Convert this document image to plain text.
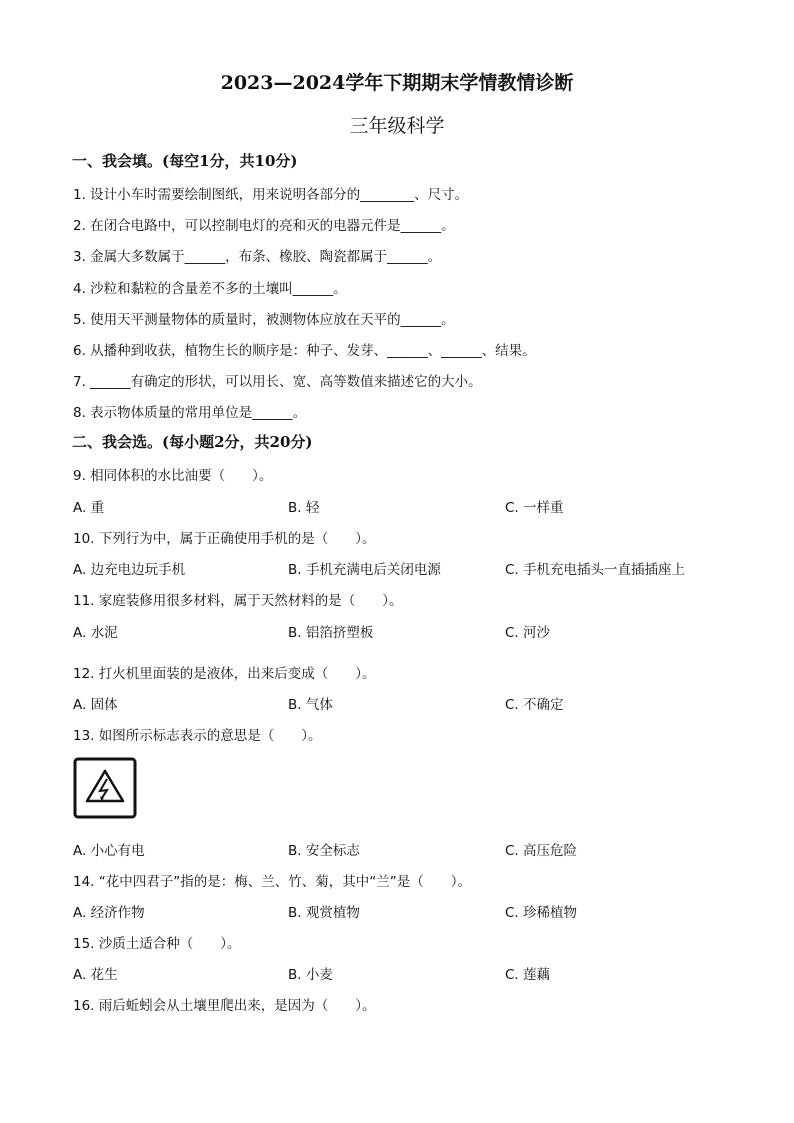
2023—2024学年下期期末学情教情诊断
三年级科学
一、我会填。(每空1分，共10分)
1. 设计小车时需要绘制图纸，用来说明各部分的________、尺寸。
2. 在闭合电路中，可以控制电灯的亮和灭的电器元件是______。
3. 金属大多数属于______，布条、橡胶、陶瓷都属于______。
4. 沙粒和黏粒的含量差不多的土壤叫______。
5. 使用天平测量物体的质量时，被测物体应放在天平的______。
6. 从播种到收获，植物生长的顺序是：种子、发芽、______、______、结果。
7. ______有确定的形状，可以用长、宽、高等数值来描述它的大小。
8. 表示物体质量的常用单位是______。
二、我会选。(每小题2分，共20分)
9. 相同体积的水比油要（　　）。
A. 重	B. 轻	C. 一样重
10. 下列行为中，属于正确使用手机的是（　　）。
A. 边充电边玩手机	B. 手机充满电后关闭电源	C. 手机充电插头一直插插座上
11. 家庭装修用很多材料，属于天然材料的是（　　）。
A. 水泥	B. 铝箔挤塑板	C. 河沙
12. 打火机里面装的是液体，出来后变成（　　）。
A. 固体	B. 气体	C. 不确定
13. 如图所示标志表示的意思是（　　）。
A. 小心有电	B. 安全标志	C. 高压危险
14. “花中四君子”指的是：梅、兰、竹、菊，其中“兰”是（　　）。
A. 经济作物	B. 观赏植物	C. 珍稀植物
15. 沙质土适合种（　　）。
A. 花生	B. 小麦	C. 莲藕
16. 雨后蚯蚓会从土壤里爬出来，是因为（　　）。
